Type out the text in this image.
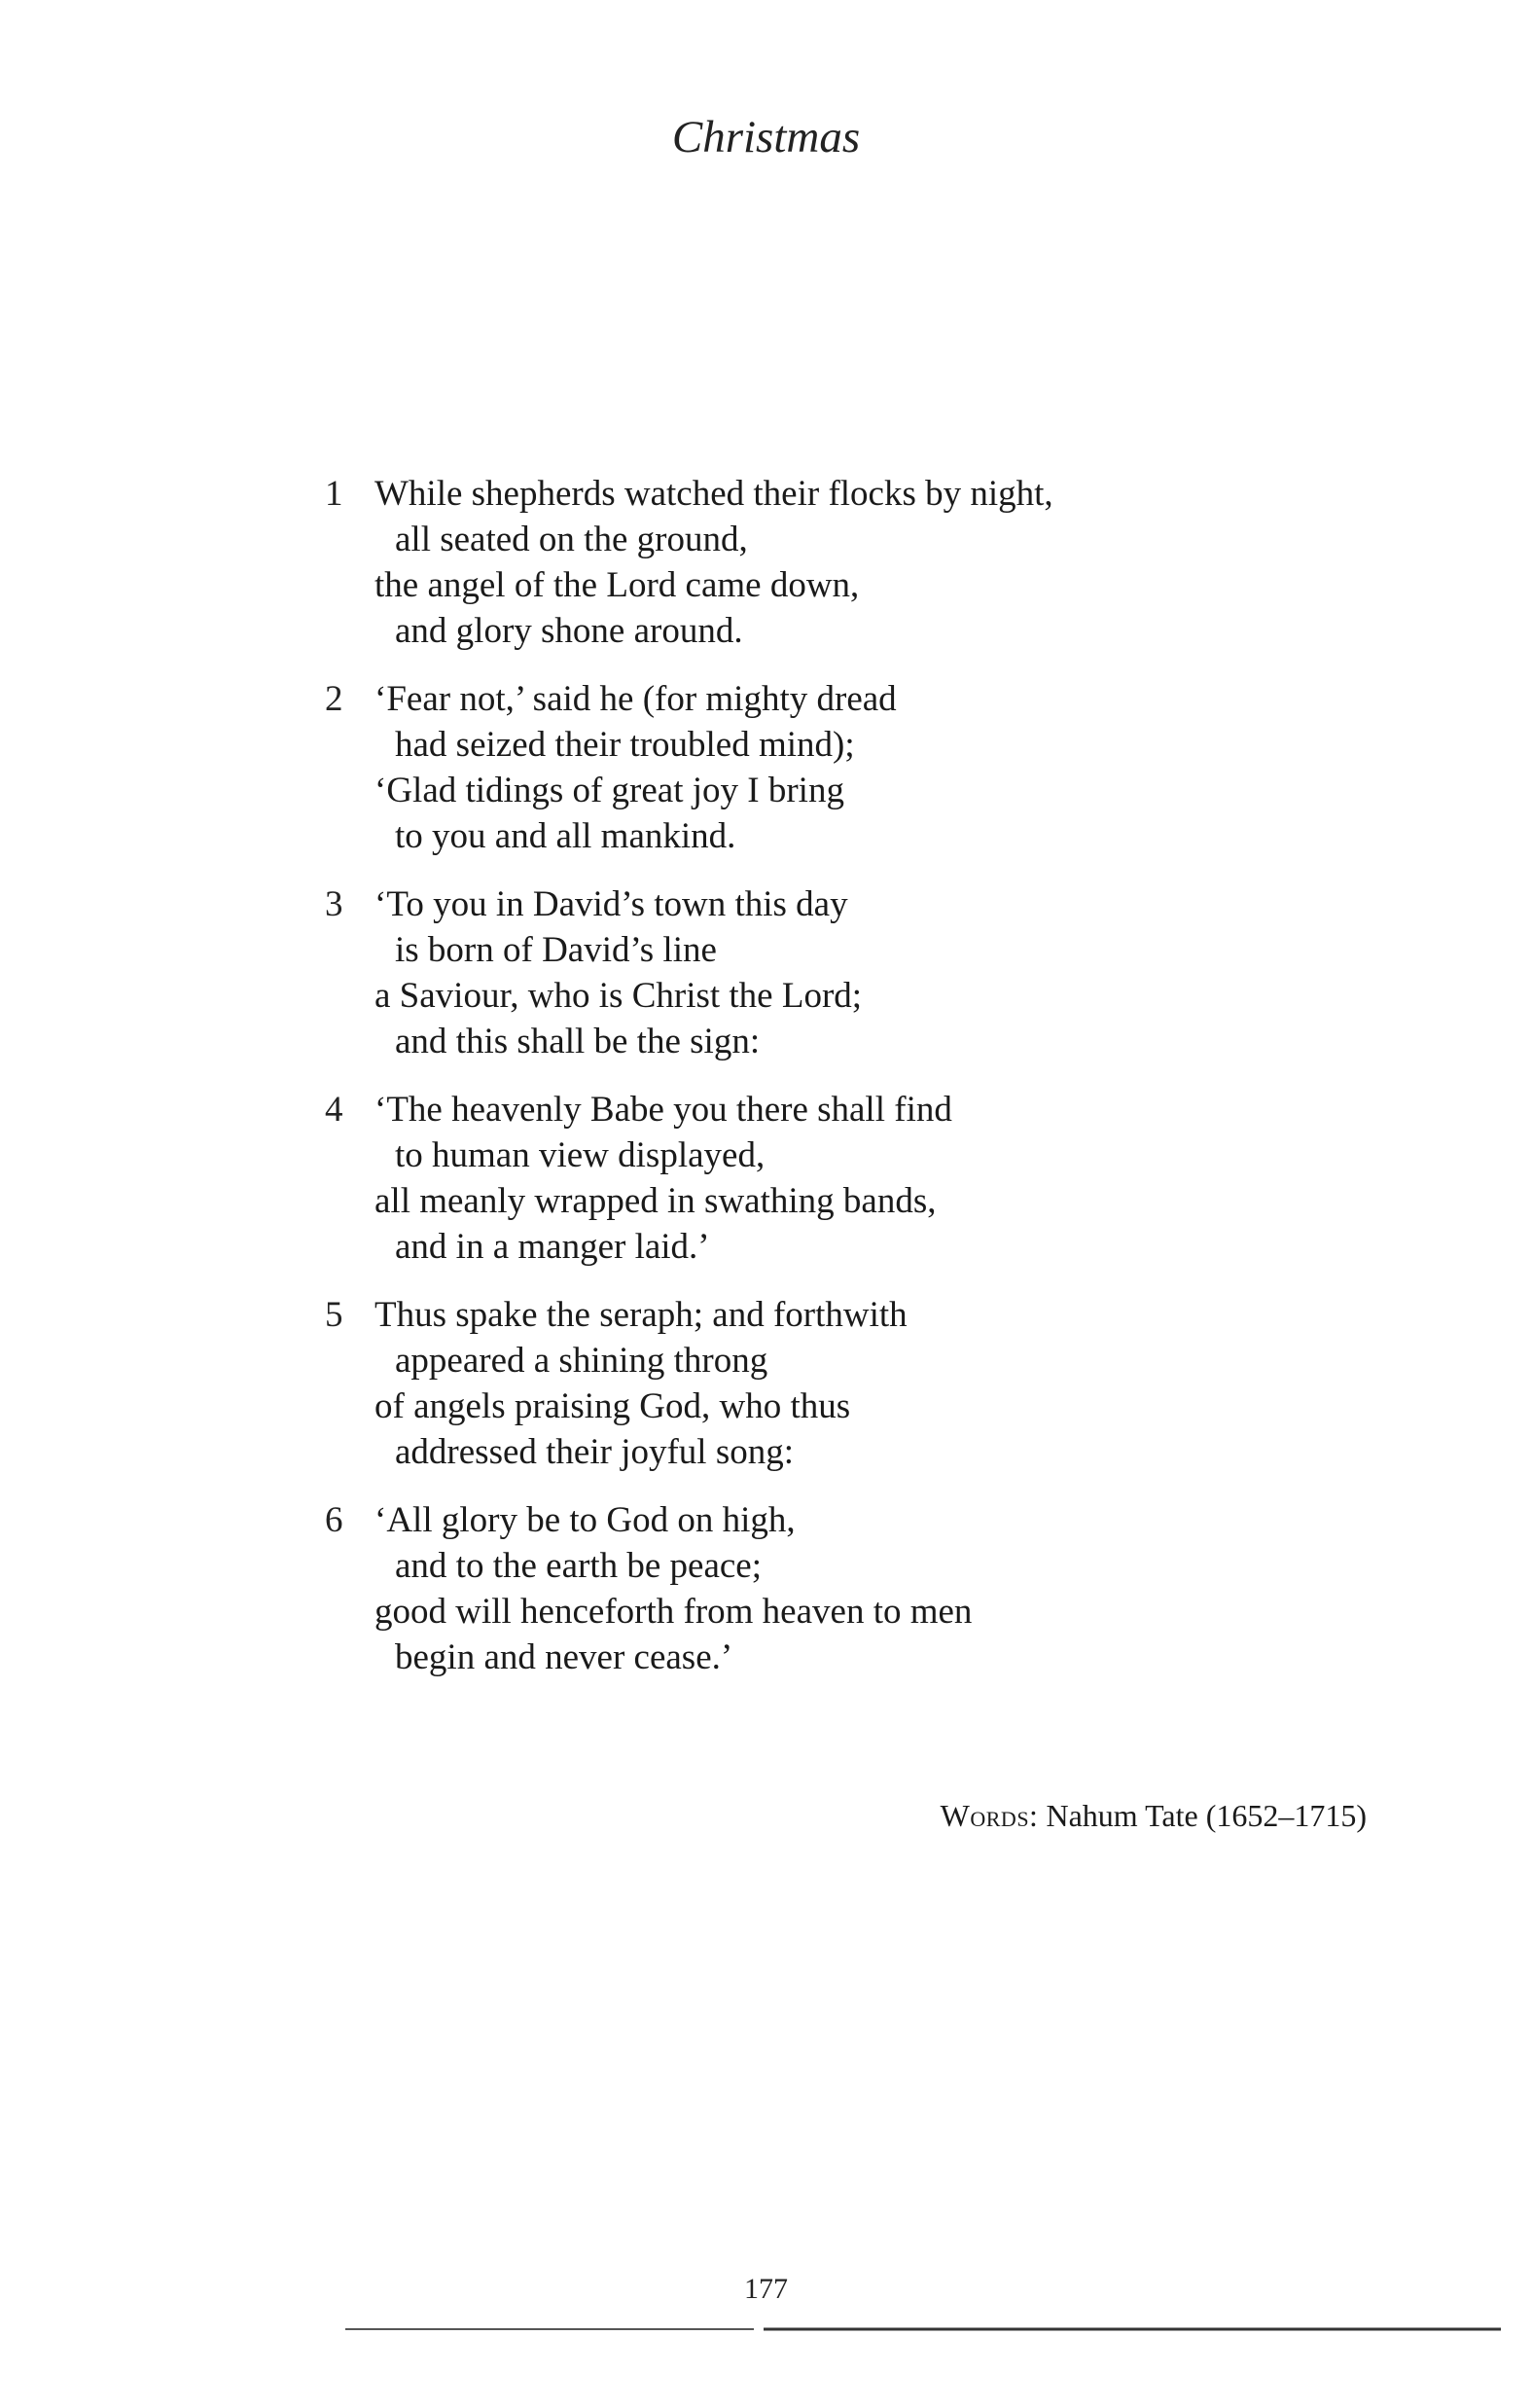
Christmas
1 While shepherds watched their flocks by night,
all seated on the ground,
the angel of the Lord came down,
and glory shone around.
2 ‘Fear not,’ said he (for mighty dread
had seized their troubled mind);
‘Glad tidings of great joy I bring
to you and all mankind.
3 ‘To you in David’s town this day
is born of David’s line
a Saviour, who is Christ the Lord;
and this shall be the sign:
4 ‘The heavenly Babe you there shall find
to human view displayed,
all meanly wrapped in swathing bands,
and in a manger laid.’
5 Thus spake the seraph; and forthwith
appeared a shining throng
of angels praising God, who thus
addressed their joyful song:
6 ‘All glory be to God on high,
and to the earth be peace;
good will henceforth from heaven to men
begin and never cease.’
Words: Nahum Tate (1652–1715)
177
